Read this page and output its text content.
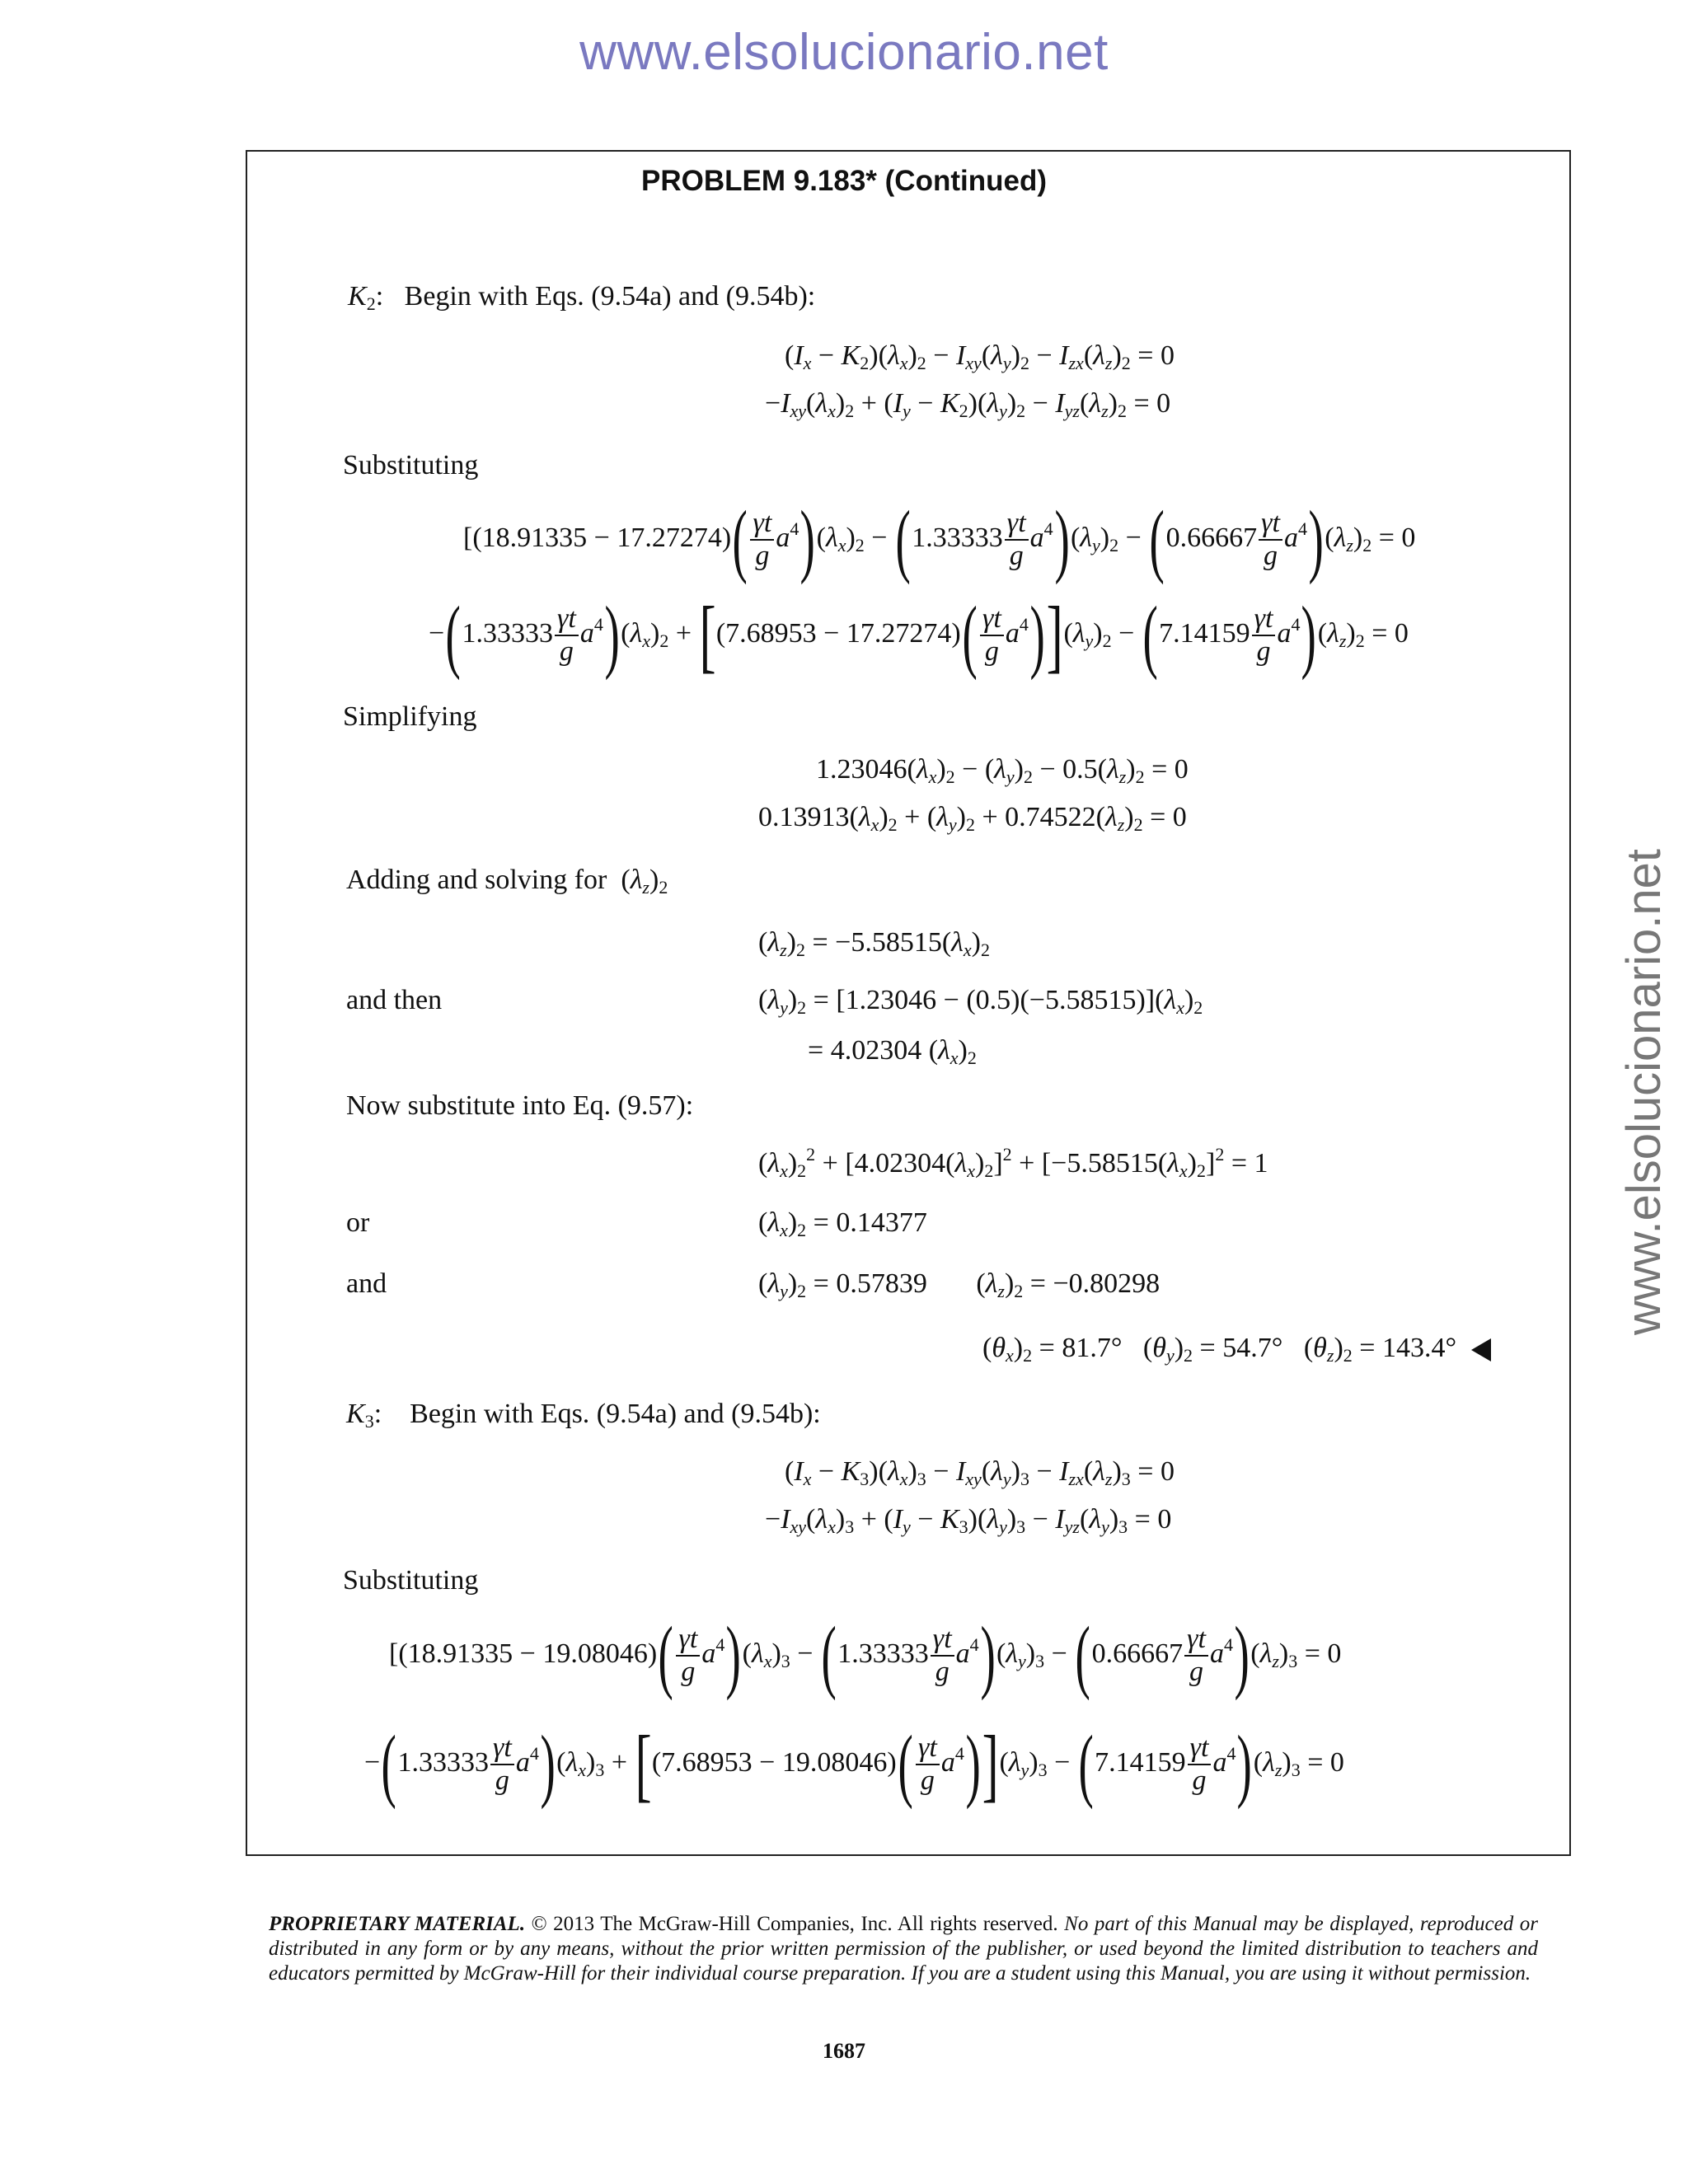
www.elsolucionario.net
www.elsolucionario.net
PROBLEM 9.183* (Continued)
$K_2$:   Begin with Eqs. (9.54a) and (9.54b):
$(I_x - K_2)(\lambda_x)_2 - I_{xy}(\lambda_y)_2 - I_{zx}(\lambda_z)_2 = 0$
$-I_{xy}(\lambda_x)_2 + (I_y - K_2)(\lambda_y)_2 - I_{yz}(\lambda_z)_2 = 0$
Substituting
[$(18.91335 - 17.27274)( \frac{\gamma t}{g} a^4)(\lambda_x)_2 - (1.33333 \frac{\gamma t}{g} a^4)(\lambda_y)_2 - (0.66667 \frac{\gamma t}{g} a^4)(\lambda_z)_2 = 0$
$-(1.33333 \frac{\gamma t}{g} a^4)(\lambda_x)_2 + [(7.68953 - 17.27274)( \frac{\gamma t}{g} a^4)](\lambda_y)_2 - (7.14159 \frac{\gamma t}{g} a^4)(\lambda_z)_2 = 0$
Simplifying
$1.23046(\lambda_x)_2 - (\lambda_y)_2 - 0.5(\lambda_z)_2 = 0$
$0.13913(\lambda_x)_2 + (\lambda_y)_2 + 0.74522(\lambda_z)_2 = 0$
Adding and solving for  $(\lambda_z)_2$
$(\lambda_z)_2 = -5.58515(\lambda_x)_2$
and then	$(\lambda_y)_2 = [1.23046 - (0.5)(-5.58515)](\lambda_x)_2$
= 4.02304 $(\lambda_x)_2$
Now substitute into Eq. (9.57):
$(\lambda_x)_2^2 + [4.02304(\lambda_x)_2]^2 + [-5.58515(\lambda_x)_2]^2 = 1$
or	$(\lambda_x)_2 = 0.14377$
and	$(\lambda_y)_2 = 0.57839$       $(\lambda_z)_2 = -0.80298$
$(\theta_x)_2 = 81.7^\circ$   $(\theta_y)_2 = 54.7^\circ$   $(\theta_z)_2 = 143.4^\circ$
$K_3$:    Begin with Eqs. (9.54a) and (9.54b):
$(I_x - K_3)(\lambda_x)_3 - I_{xy}(\lambda_y)_3 - I_{zx}(\lambda_z)_3 = 0$
$-I_{xy}(\lambda_x)_3 + (I_y - K_3)(\lambda_y)_3 - I_{yz}(\lambda_y)_3 = 0$
Substituting
[$(18.91335 - 19.08046)( \frac{\gamma t}{g} a^4)(\lambda_x)_3 - (1.33333 \frac{\gamma t}{g} a^4)(\lambda_y)_3 - (0.66667 \frac{\gamma t}{g} a^4)(\lambda_z)_3 = 0$
$-(1.33333 \frac{\gamma t}{g} a^4)(\lambda_x)_3 + [(7.68953 - 19.08046)( \frac{\gamma t}{g} a^4)](\lambda_y)_3 - (7.14159 \frac{\gamma t}{g} a^4)(\lambda_z)_3 = 0$
PROPRIETARY MATERIAL. © 2013 The McGraw-Hill Companies, Inc. All rights reserved. No part of this Manual may be displayed, reproduced or distributed in any form or by any means, without the prior written permission of the publisher, or used beyond the limited distribution to teachers and educators permitted by McGraw-Hill for their individual course preparation. If you are a student using this Manual, you are using it without permission.
1687
